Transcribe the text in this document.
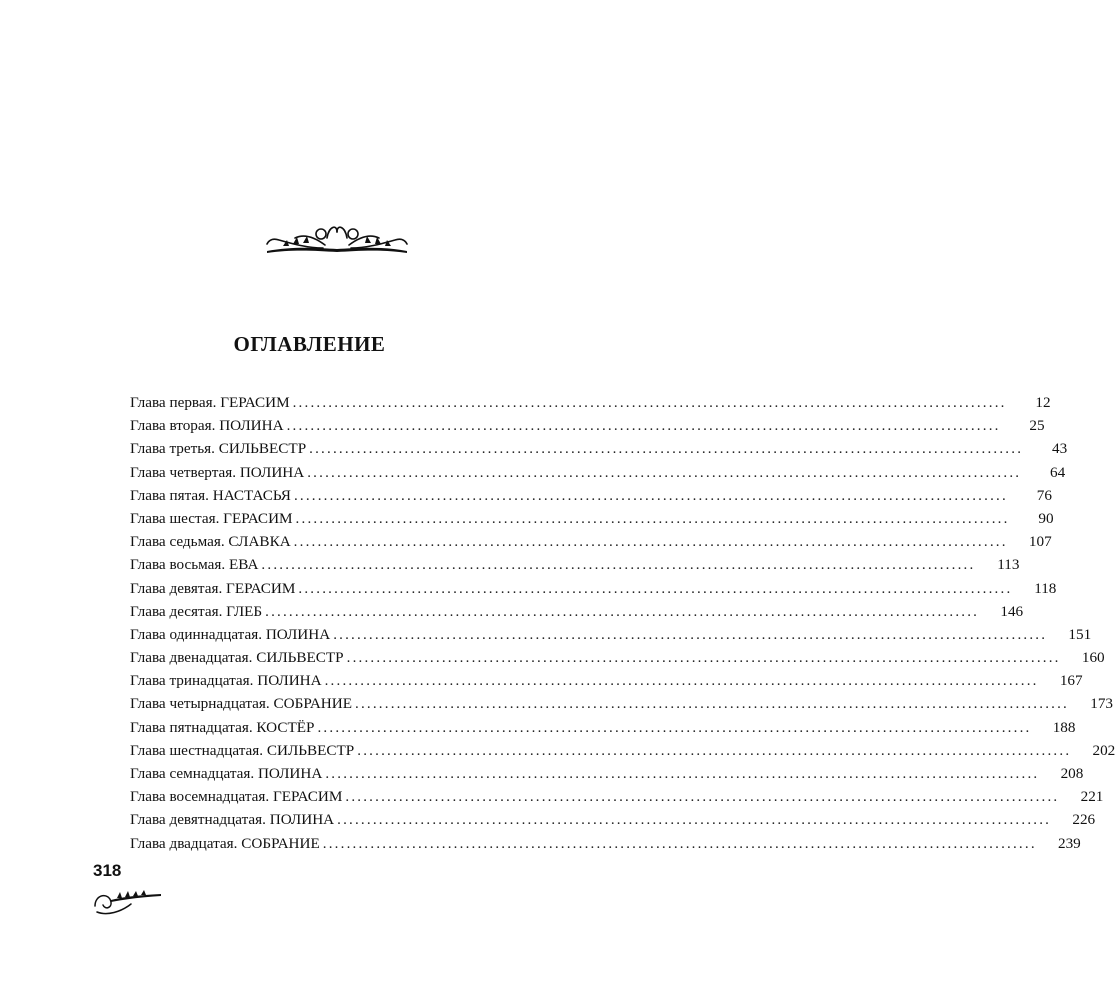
ОГЛАВЛЕНИЕ
Глава первая. ГЕРАСИМ ........................................................................................................................	12
Глава вторая. ПОЛИНА ........................................................................................................................	25
Глава третья. СИЛЬВЕСТР ........................................................................................................................	43
Глава четвертая. ПОЛИНА ........................................................................................................................	64
Глава пятая. НАСТАСЬЯ ........................................................................................................................	76
Глава шестая. ГЕРАСИМ ........................................................................................................................	90
Глава седьмая. СЛАВКА ........................................................................................................................	107
Глава восьмая. ЕВА ........................................................................................................................	113
Глава девятая. ГЕРАСИМ ........................................................................................................................	118
Глава десятая. ГЛЕБ ........................................................................................................................	146
Глава одиннадцатая. ПОЛИНА ........................................................................................................................	151
Глава двенадцатая. СИЛЬВЕСТР ........................................................................................................................	160
Глава тринадцатая. ПОЛИНА ........................................................................................................................	167
Глава четырнадцатая. СОБРАНИЕ ........................................................................................................................	173
Глава пятнадцатая. КОСТЁР ........................................................................................................................	188
Глава шестнадцатая. СИЛЬВЕСТР ........................................................................................................................	202
Глава семнадцатая. ПОЛИНА ........................................................................................................................	208
Глава восемнадцатая. ГЕРАСИМ ........................................................................................................................	221
Глава девятнадцатая. ПОЛИНА ........................................................................................................................	226
Глава двадцатая. СОБРАНИЕ ........................................................................................................................	239
318
